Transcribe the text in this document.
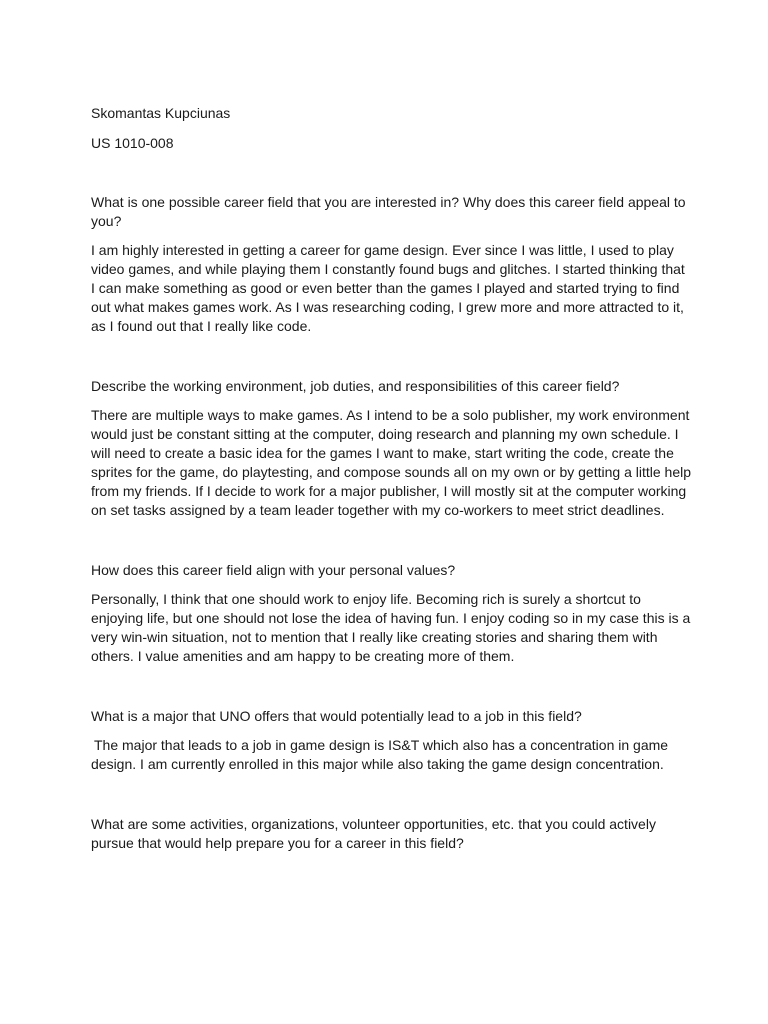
Skomantas Kupciunas

US 1010-008

What is one possible career field that you are interested in? Why does this career field appeal to you?

I am highly interested in getting a career for game design. Ever since I was little, I used to play video games, and while playing them I constantly found bugs and glitches. I started thinking that I can make something as good or even better than the games I played and started trying to find out what makes games work. As I was researching coding, I grew more and more attracted to it, as I found out that I really like code.

Describe the working environment, job duties, and responsibilities of this career field?

There are multiple ways to make games. As I intend to be a solo publisher, my work environment would just be constant sitting at the computer, doing research and planning my own schedule. I will need to create a basic idea for the games I want to make, start writing the code, create the sprites for the game, do playtesting, and compose sounds all on my own or by getting a little help from my friends. If I decide to work for a major publisher, I will mostly sit at the computer working on set tasks assigned by a team leader together with my co-workers to meet strict deadlines.

How does this career field align with your personal values?

Personally, I think that one should work to enjoy life. Becoming rich is surely a shortcut to enjoying life, but one should not lose the idea of having fun. I enjoy coding so in my case this is a very win-win situation, not to mention that I really like creating stories and sharing them with others. I value amenities and am happy to be creating more of them.

What is a major that UNO offers that would potentially lead to a job in this field?

The major that leads to a job in game design is IS&T which also has a concentration in game design. I am currently enrolled in this major while also taking the game design concentration.

What are some activities, organizations, volunteer opportunities, etc. that you could actively pursue that would help prepare you for a career in this field?
